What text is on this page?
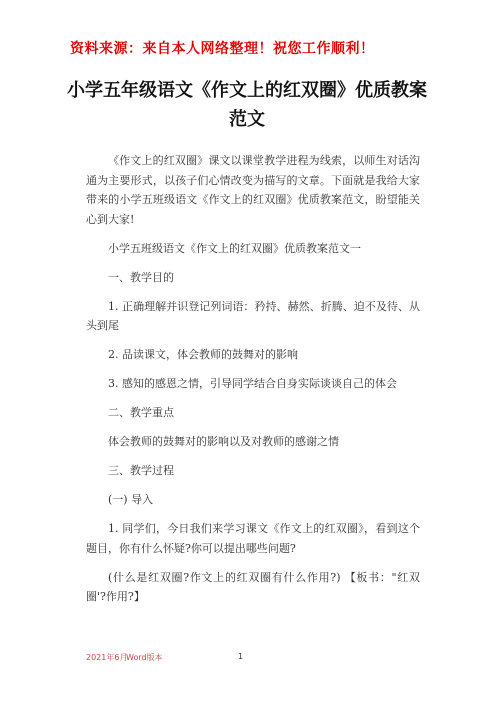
资料来源：来自本人网络整理！祝您工作顺利！
小学五年级语文《作文上的红双圈》优质教案范文

《作文上的红双圈》课文以课堂教学进程为线索，以师生对话沟通为主要形式，以孩子们心情改变为描写的文章。下面就是我给大家带来的小学五班级语文《作文上的红双圈》优质教案范文，盼望能关心到大家!

小学五班级语文《作文上的红双圈》优质教案范文一

一、教学目的

1. 正确理解并识登记列词语：矜持、赫然、折腾、迫不及待、从头到尾

2. 品读课文，体会教师的鼓舞对的影响

3. 感知的感恩之情，引导同学结合自身实际谈谈自己的体会

二、教学重点

体会教师的鼓舞对的影响以及对教师的感谢之情

三、教学过程

(一) 导入

1. 同学们，今日我们来学习课文《作文上的红双圈》，看到这个题目，你有什么怀疑?你可以提出哪些问题?

(什么是红双圈?作文上的红双圈有什么作用?) 【板书："红双圈'?作用?】

2021年6月
Word版本	1
